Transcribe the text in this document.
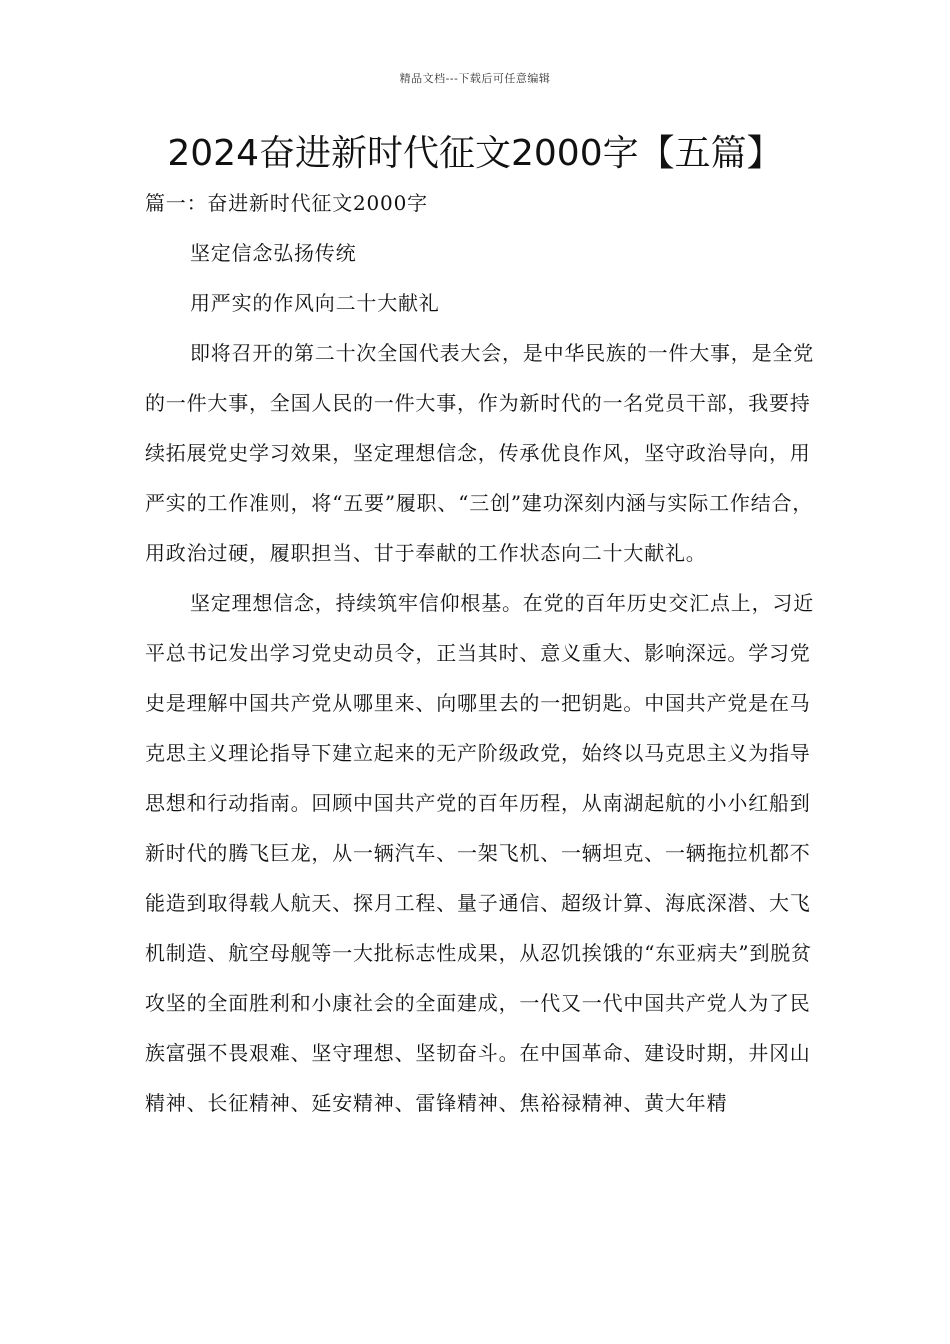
精品文档---下载后可任意编辑
2024奋进新时代征文2000字【五篇】

篇一：奋进新时代征文2000字

坚定信念弘扬传统

用严实的作风向二十大献礼

即将召开的第二十次全国代表大会，是中华民族的一件大事，是全党的一件大事，全国人民的一件大事，作为新时代的一名党员干部，我要持续拓展党史学习效果，坚定理想信念，传承优良作风，坚守政治导向，用严实的工作准则，将“五要”履职、“三创”建功深刻内涵与实际工作结合，用政治过硬，履职担当、甘于奉献的工作状态向二十大献礼。

坚定理想信念，持续筑牢信仰根基。在党的百年历史交汇点上，习近平总书记发出学习党史动员令，正当其时、意义重大、影响深远。学习党史是理解中国共产党从哪里来、向哪里去的一把钥匙。中国共产党是在马克思主义理论指导下建立起来的无产阶级政党，始终以马克思主义为指导思想和行动指南。回顾中国共产党的百年历程，从南湖起航的小小红船到新时代的腾飞巨龙，从一辆汽车、一架飞机、一辆坦克、一辆拖拉机都不能造到取得载人航天、探月工程、量子通信、超级计算、海底深潜、大飞机制造、航空母舰等一大批标志性成果，从忍饥挨饿的“东亚病夫”到脱贫攻坚的全面胜利和小康社会的全面建成，一代又一代中国共产党人为了民族富强不畏艰难、坚守理想、坚韧奋斗。在中国革命、建设时期，井冈山精神、长征精神、延安精神、雷锋精神、焦裕禄精神、黄大年精
